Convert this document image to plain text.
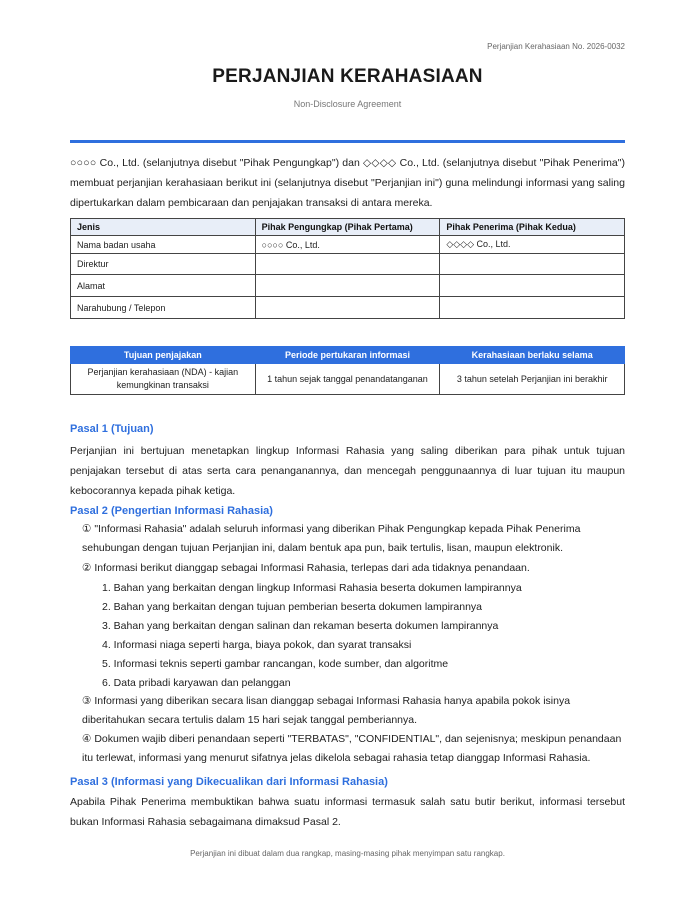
Perjanjian Kerahasiaan No. 2026-0032
PERJANJIAN KERAHASIAAN
Non-Disclosure Agreement
○○○○ Co., Ltd. (selanjutnya disebut "Pihak Pengungkap") dan ◇◇◇◇ Co., Ltd. (selanjutnya disebut "Pihak Penerima") membuat perjanjian kerahasiaan berikut ini (selanjutnya disebut "Perjanjian ini") guna melindungi informasi yang saling dipertukarkan dalam pembicaraan dan penjajakan transaksi di antara mereka.
Jenis	Pihak Pengungkap (Pihak Pertama)	Pihak Penerima (Pihak Kedua)
Nama badan usaha	○○○○ Co., Ltd.	◇◇◇◇ Co., Ltd.
Direktur		
Alamat		
Narahubung / Telepon		
Tujuan penjajakan	Periode pertukaran informasi	Kerahasiaan berlaku selama
Perjanjian kerahasiaan (NDA) - kajian kemungkinan transaksi	1 tahun sejak tanggal penandatanganan	3 tahun setelah Perjanjian ini berakhir
Pasal 1 (Tujuan)
Perjanjian ini bertujuan menetapkan lingkup Informasi Rahasia yang saling diberikan para pihak untuk tujuan penjajakan tersebut di atas serta cara penanganannya, dan mencegah penggunaannya di luar tujuan itu maupun kebocorannya kepada pihak ketiga.
Pasal 2 (Pengertian Informasi Rahasia)
① "Informasi Rahasia" adalah seluruh informasi yang diberikan Pihak Pengungkap kepada Pihak Penerima sehubungan dengan tujuan Perjanjian ini, dalam bentuk apa pun, baik tertulis, lisan, maupun elektronik.
② Informasi berikut dianggap sebagai Informasi Rahasia, terlepas dari ada tidaknya penandaan.
1. Bahan yang berkaitan dengan lingkup Informasi Rahasia beserta dokumen lampirannya
2. Bahan yang berkaitan dengan tujuan pemberian beserta dokumen lampirannya
3. Bahan yang berkaitan dengan salinan dan rekaman beserta dokumen lampirannya
4. Informasi niaga seperti harga, biaya pokok, dan syarat transaksi
5. Informasi teknis seperti gambar rancangan, kode sumber, dan algoritme
6. Data pribadi karyawan dan pelanggan
③ Informasi yang diberikan secara lisan dianggap sebagai Informasi Rahasia hanya apabila pokok isinya diberitahukan secara tertulis dalam 15 hari sejak tanggal pemberiannya.
④ Dokumen wajib diberi penandaan seperti "TERBATAS", "CONFIDENTIAL", dan sejenisnya; meskipun penandaan itu terlewat, informasi yang menurut sifatnya jelas dikelola sebagai rahasia tetap dianggap Informasi Rahasia.
Pasal 3 (Informasi yang Dikecualikan dari Informasi Rahasia)
Apabila Pihak Penerima membuktikan bahwa suatu informasi termasuk salah satu butir berikut, informasi tersebut bukan Informasi Rahasia sebagaimana dimaksud Pasal 2.
Perjanjian ini dibuat dalam dua rangkap, masing-masing pihak menyimpan satu rangkap.
